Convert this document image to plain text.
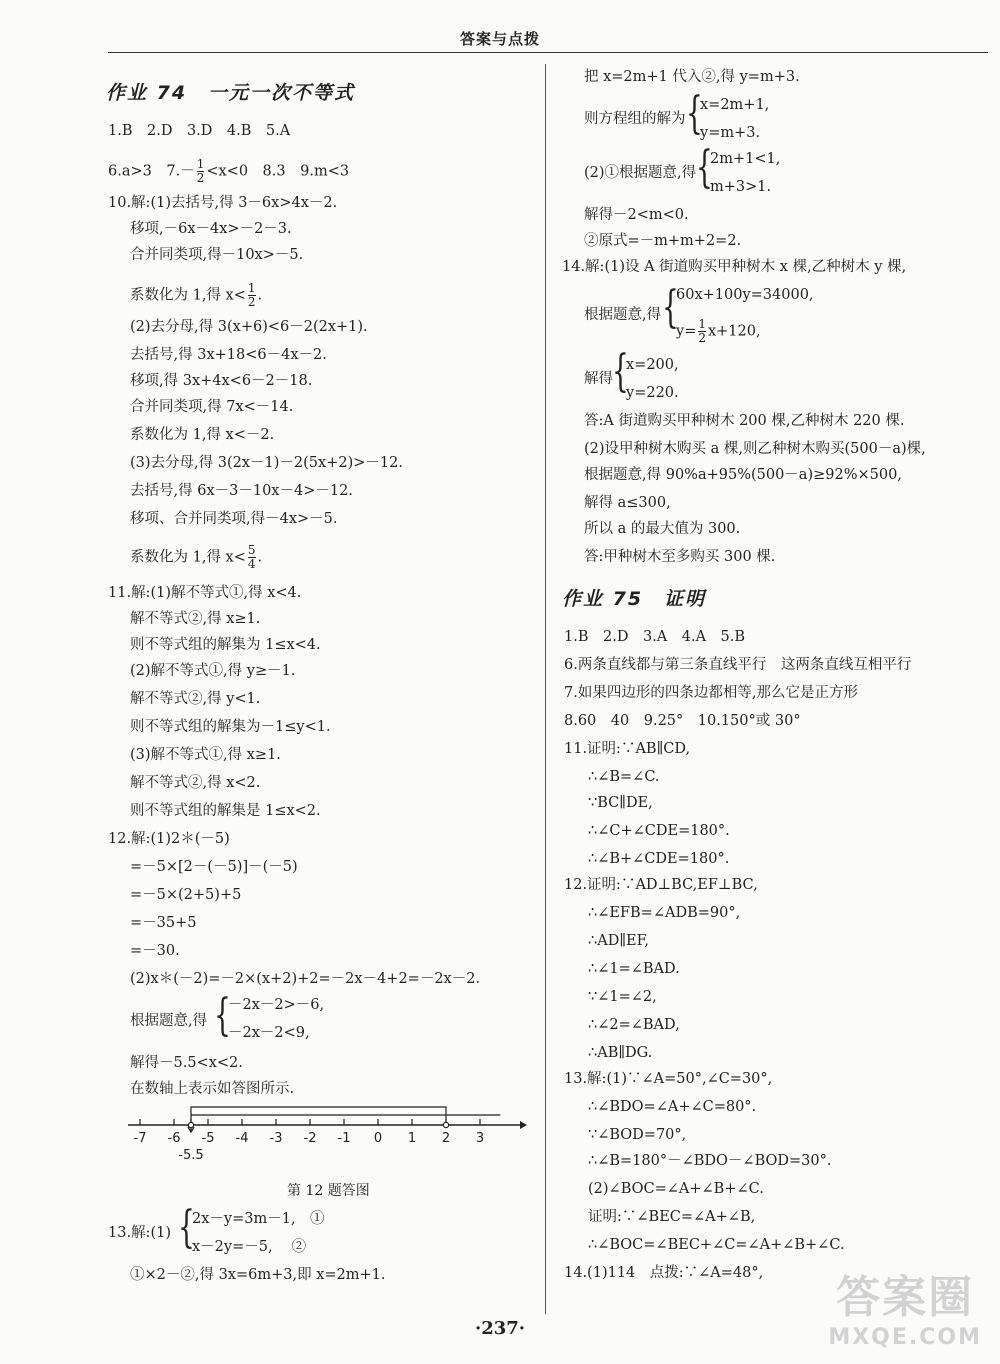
答案与点拨
作业 74　一元一次不等式
1.B　2.D　3.D　4.B　5.A
6.a>3　$7.- \frac{1}{2} <x<0$　8.3　9.m<3
10.解:(1)去括号,得 3－6x>4x－2.
移项,－6x－4x>－2－3.
合并同类项,得－10x>－5.
系数化为 1,得 $x< \frac{1}{2}$ .
(2)去分母,得 3(x+6)<6－2(2x+1).
去括号,得 3x+18<6－4x－2.
移项,得 3x+4x<6－2－18.
合并同类项,得 7x<－14.
系数化为 1,得 x<－2.
(3)去分母,得 3(2x－1)－2(5x+2)>－12.
去括号,得 6x－3－10x－4>－12.
移项、合并同类项,得－4x>－5.
系数化为 1,得 $x< \frac{5}{4}$ .
11.解:(1)解不等式①,得 x<4.
解不等式②,得 x≥1.
则不等式组的解集为 1≤x<4.
(2)解不等式①,得 y≥－1.
解不等式②,得 y<1.
则不等式组的解集为－1≤y<1.
(3)解不等式①,得 x≥1.
解不等式②,得 x<2.
则不等式组的解集是 1≤x<2.
12.解:(1)2＊(－5)
=－5×[2－(－5)]－(－5)
=－5×(2+5)+5
=－35+5
=－30.
(2)x＊(－2)=－2×(x+2)+2=－2x－4+2=－2x－2.
根据题意,得 {
－2x－2>－6,
－2x－2<9,
解得－5.5<x<2.
在数轴上表示如答图所示.
-7 -6 -5 -4 -3 -2 -1 0 1 2 3
-5.5
第 12 题答图
13.解:(1) {
2x－y=3m－1,　①
x－2y=－5,　 ②
①×2－②,得 3x=6m+3,即 x=2m+1.
把 x=2m+1 代入②,得 y=m+3.
则方程组的解为 {
x=2m+1,
y=m+3.
(2)①根据题意,得 {
2m+1<1,
m+3>1.
解得－2<m<0.
②原式=－m+m+2=2.
14.解:(1)设 A 街道购买甲种树木 x 棵,乙种树木 y 棵,
根据题意,得 {
60x+100y=34000,
$y= \frac{1}{2} x+120$,
解得 {
x=200,
y=220.
答:A 街道购买甲种树木 200 棵,乙种树木 220 棵.
(2)设甲种树木购买 a 棵,则乙种树木购买(500－a)棵,
根据题意,得 90%a+95%(500－a)≥92%×500,
解得 a≤300,
所以 a 的最大值为 300.
答:甲种树木至多购买 300 棵.
作业 75　证明
1.B　2.D　3.A　4.A　5.B
6.两条直线都与第三条直线平行　这两条直线互相平行
7.如果四边形的四条边都相等,那么它是正方形
8.60　40　9.25°　10.150°或 30°
11.证明:∵AB∥CD,
∴∠B=∠C.
∵BC∥DE,
∴∠C+∠CDE=180°.
∴∠B+∠CDE=180°.
12.证明:∵AD⊥BC,EF⊥BC,
∴∠EFB=∠ADB=90°,
∴AD∥EF,
∴∠1=∠BAD.
∵∠1=∠2,
∴∠2=∠BAD,
∴AB∥DG.
13.解:(1)∵∠A=50°,∠C=30°,
∴∠BDO=∠A+∠C=80°.
∵∠BOD=70°,
∴∠B=180°－∠BDO－∠BOD=30°.
(2)∠BOC=∠A+∠B+∠C.
证明:∵∠BEC=∠A+∠B,
∴∠BOC=∠BEC+∠C=∠A+∠B+∠C.
14.(1)114　点拨:∵∠A=48°,
·237·
答案圈
MXQE.COM
